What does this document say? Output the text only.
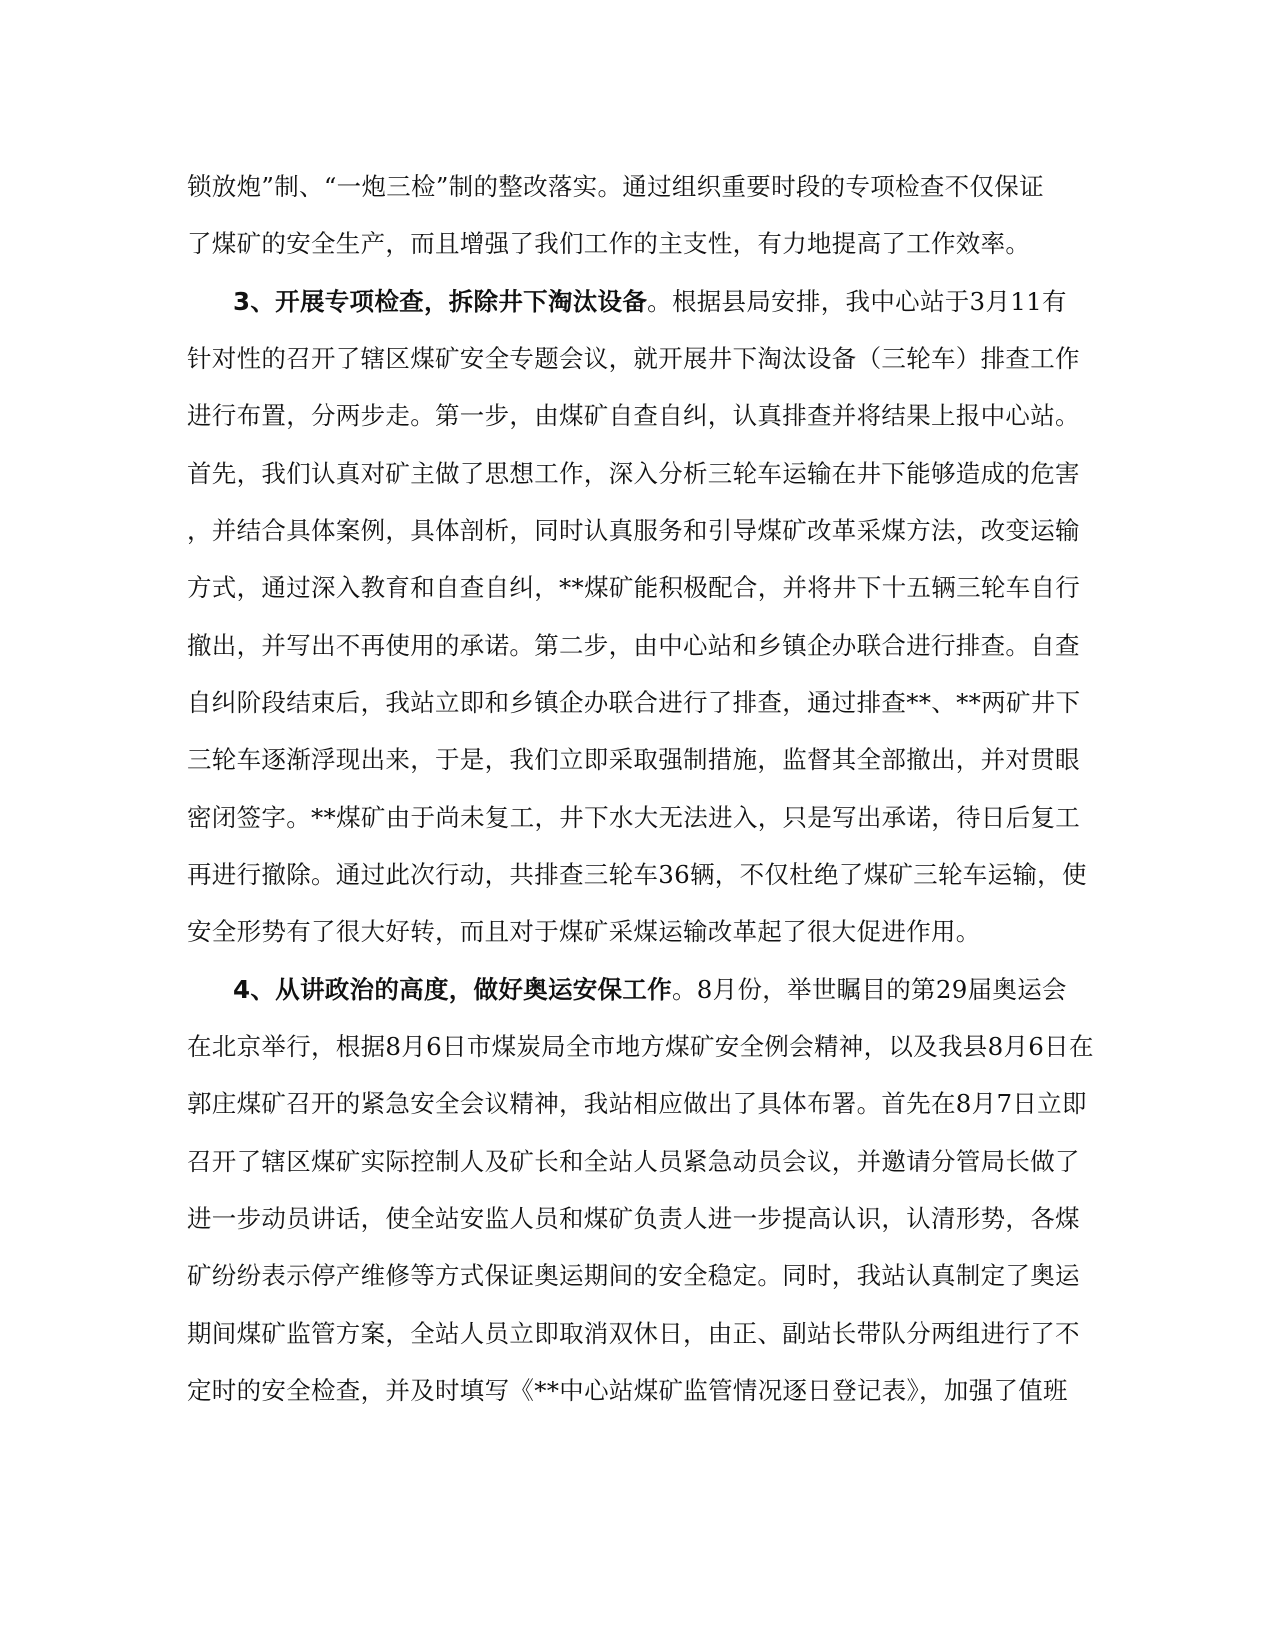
锁放炮”制、“一炮三检”制的整改落实。通过组织重要时段的专项检查不仅保证
了煤矿的安全生产，而且增强了我们工作的主支性，有力地提高了工作效率。
3、开展专项检查，拆除井下淘汰设备。根据县局安排，我中心站于3月11有
针对性的召开了辖区煤矿安全专题会议，就开展井下淘汰设备（三轮车）排查工作
进行布置，分两步走。第一步，由煤矿自查自纠，认真排查并将结果上报中心站。
首先，我们认真对矿主做了思想工作，深入分析三轮车运输在井下能够造成的危害
，并结合具体案例，具体剖析，同时认真服务和引导煤矿改革采煤方法，改变运输
方式，通过深入教育和自查自纠，**煤矿能积极配合，并将井下十五辆三轮车自行
撤出，并写出不再使用的承诺。第二步，由中心站和乡镇企办联合进行排查。自查
自纠阶段结束后，我站立即和乡镇企办联合进行了排查，通过排查**、**两矿井下
三轮车逐渐浮现出来，于是，我们立即采取强制措施，监督其全部撤出，并对贯眼
密闭签字。**煤矿由于尚未复工，井下水大无法进入，只是写出承诺，待日后复工
再进行撤除。通过此次行动，共排查三轮车36辆，不仅杜绝了煤矿三轮车运输，使
安全形势有了很大好转，而且对于煤矿采煤运输改革起了很大促进作用。
4、从讲政治的高度，做好奥运安保工作。8月份，举世瞩目的第29届奥运会
在北京举行，根据8月6日市煤炭局全市地方煤矿安全例会精神，以及我县8月6日在
郭庄煤矿召开的紧急安全会议精神，我站相应做出了具体布署。首先在8月7日立即
召开了辖区煤矿实际控制人及矿长和全站人员紧急动员会议，并邀请分管局长做了
进一步动员讲话，使全站安监人员和煤矿负责人进一步提高认识，认清形势，各煤
矿纷纷表示停产维修等方式保证奥运期间的安全稳定。同时，我站认真制定了奥运
期间煤矿监管方案，全站人员立即取消双休日，由正、副站长带队分两组进行了不
定时的安全检查，并及时填写《**中心站煤矿监管情况逐日登记表》，加强了值班
